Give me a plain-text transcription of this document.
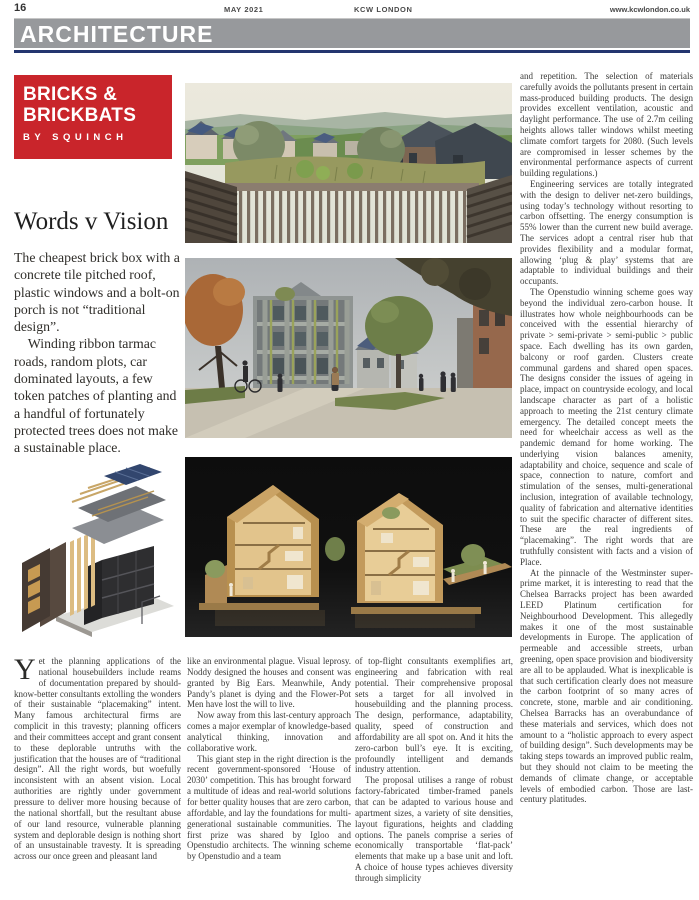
16	MAY 2021	KCW LONDON	www.kcwlondon.co.uk
ARCHITECTURE
BRICKS &
BRICKBATS
BY SQUINCH
Words v Vision

The cheapest brick box with a concrete tile pitched roof, plastic windows and a bolt-on porch is not “traditional design”.

Winding ribbon tarmac roads, random plots, car dominated layouts, a few token patches of planting and a handful of fortunately protected trees does not make a sustainable place.

Yet the planning applications of the national housebuilders include reams of documentation prepared by should-know-better consultants extolling the wonders of their sustainable “placemaking” intent. Many famous architectural firms are complicit in this travesty; planning officers and their committees accept and grant consent to these deplorable untruths with the justification that the houses are of “traditional design”. All the right words, but woefully inconsistent with an absent vision. Local authorities are rightly under government pressure to deliver more housing because of the national shortfall, but the resultant abuse of our land resource, vulnerable planning system and deplorable design is nothing short of an unsustainable travesty. It is spreading across our once green and pleasant land

like an environmental plague. Visual leprosy. Noddy designed the houses and consent was granted by Big Ears. Meanwhile, Andy Pandy’s planet is dying and the Flower-Pot Men have lost the will to live.

Now away from this last-century approach comes a major exemplar of knowledge-based analytical thinking, innovation and collaborative work.

This giant step in the right direction is the recent government-sponsored ‘House of 2030’ competition. This has brought forward a multitude of ideas and real-world solutions for better quality houses that are zero carbon, affordable, and lay the foundations for multi-generational sustainable communities. The first prize was shared by Igloo and Openstudio architects. The winning scheme by Openstudio and a team

of top-flight consultants exemplifies art, engineering and fabrication with real potential. Their comprehensive proposal sets a target for all involved in housebuilding and the planning process. The design, performance, adaptability, quality, speed of construction and affordability are all spot on. And it hits the zero-carbon bull’s eye. It is exciting, profoundly intelligent and demands industry attention.

The proposal utilises a range of robust factory-fabricated timber-framed panels that can be adapted to various house and apartment sizes, a variety of site densities, layout figurations, heights and cladding options. The panels comprise a series of economically transportable ‘flat-pack’ elements that make up a base unit and loft. A choice of house types achieves diversity through simplicity

and repetition. The selection of materials carefully avoids the pollutants present in certain mass-produced building products. The design provides excellent ventilation, acoustic and daylight performance. The use of 2.7m ceiling heights allows taller windows whilst meeting climate comfort targets for 2080. (Such levels are compromised in lesser schemes by the environmental performance aspects of current building regulations.)

Engineering services are totally integrated with the design to deliver net-zero buildings, using today’s technology without resorting to carbon offsetting. The energy consumption is 55% lower than the current new build average. The services adopt a central riser hub that provides flexibility and a modular format, allowing ‘plug & play’ systems that are adaptable to individual buildings and their occupants.

The Openstudio winning scheme goes way beyond the individual zero-carbon house. It illustrates how whole neighbourhoods can be conceived with the essential hierarchy of private > semi-private > semi-public > public space. Each dwelling has its own garden, balcony or roof garden. Clusters create communal gardens and shared open spaces. The designs consider the issues of ageing in place, impact on countryside ecology, and local landscape character as part of a holistic approach to meeting the 21st century climate emergency. The detailed concept meets the need for wheelchair access as well as the pandemic demand for home working. The underlying vision balances amenity, adaptability and choice, sequence and scale of space, connection to nature, comfort and stimulation of the senses, multi-generational inclusion, integration of available technology, quality of fabrication and alternative identities to suit the specific character of different sites. These are the real ingredients of “placemaking”. The right words that are truthfully consistent with facts and a vision of Place.

At the pinnacle of the Westminster super-prime market, it is interesting to read that the Chelsea Barracks project has been awarded LEED Platinum certification for Neighbourhood Development. This allegedly makes it one of the most sustainable developments in Europe. The application of permeable and accessible streets, urban greening, open space provision and biodiversity are all to be applauded. What is inexplicable is that such certification clearly does not measure the carbon footprint of so many acres of concrete, stone, marble and air conditioning. Chelsea Barracks has an overabundance of these materials and services, which does not amount to a “holistic approach to every aspect of building design”. Such developments may be taking steps towards an improved public realm, but they should not claim to be meeting the demands of climate change, or acceptable levels of embodied carbon. Those are last-century platitudes.
